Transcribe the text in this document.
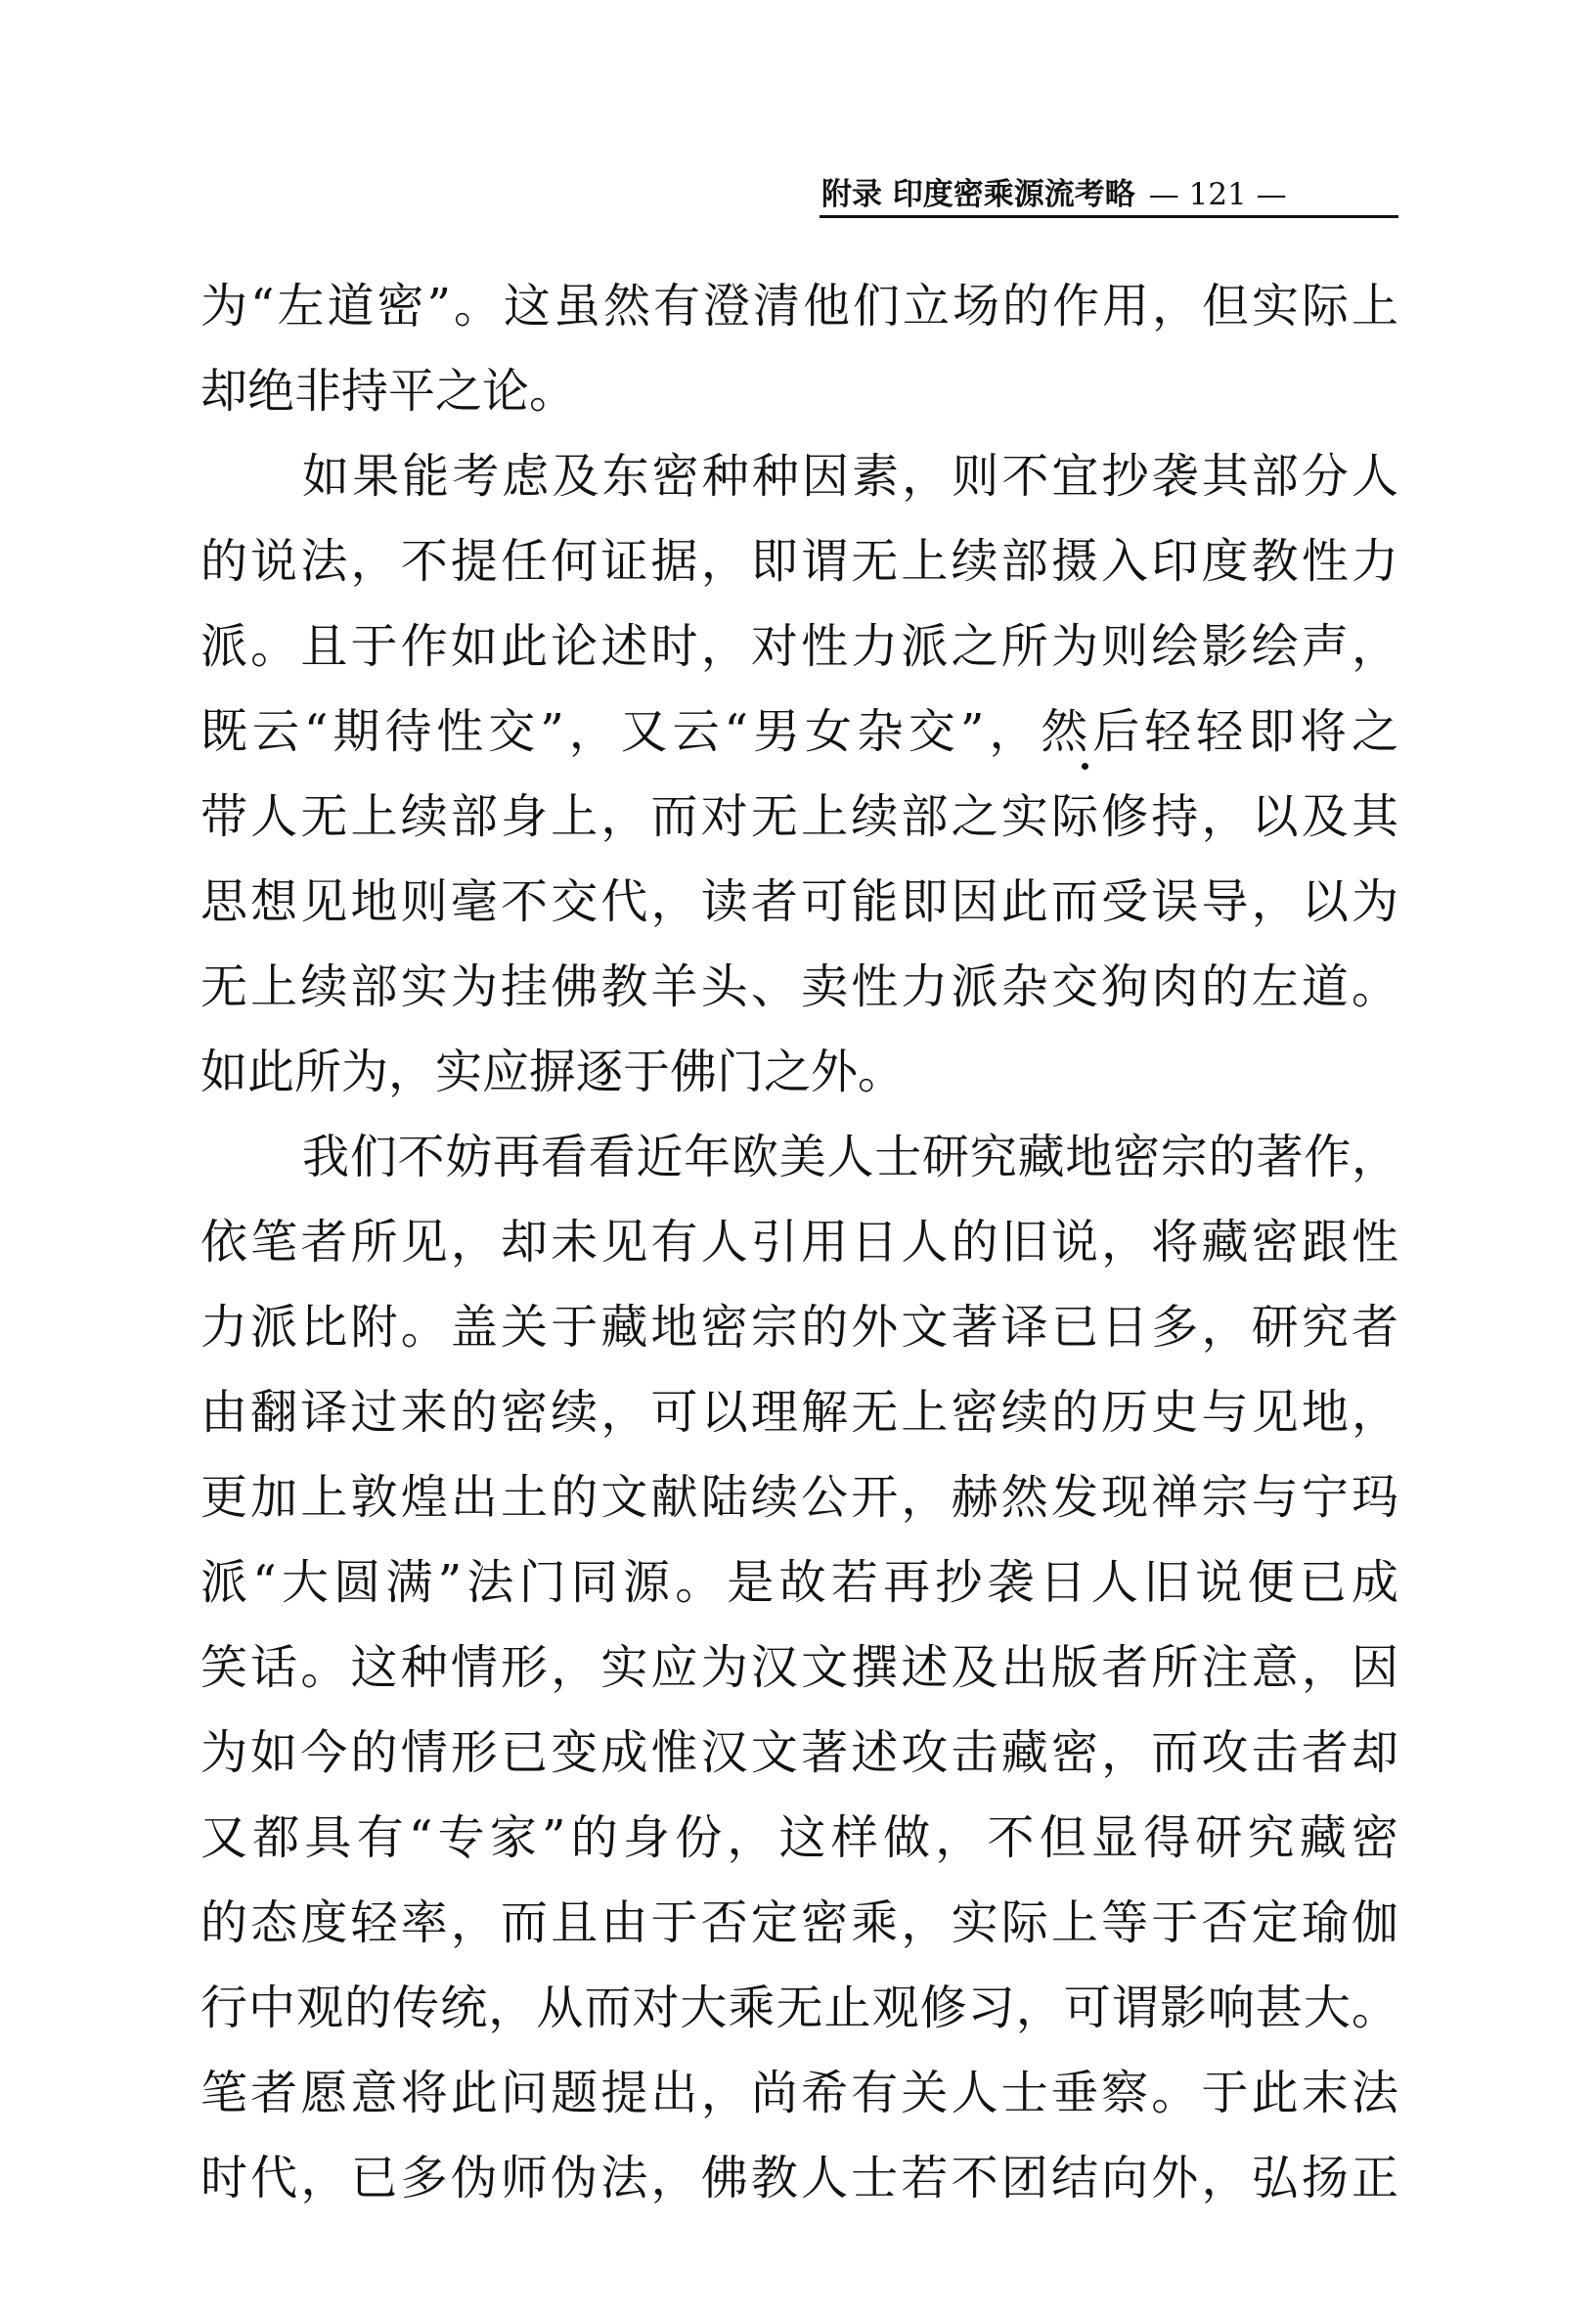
附录 印度密乘源流考略 — 121 —
为“左道密”。这虽然有澄清他们立场的作用，但实际上
却绝非持平之论。
如果能考虑及东密种种因素，则不宜抄袭其部分人
的说法，不提任何证据，即谓无上续部摄入印度教性力
派。且于作如此论述时，对性力派之所为则绘影绘声，
既云“期待性交”，又云“男女杂交”，然后轻轻即将之
带人无上续部身上，而对无上续部之实际修持，以及其
思想见地则毫不交代，读者可能即因此而受误导，以为
无上续部实为挂佛教羊头、卖性力派杂交狗肉的左道。
如此所为，实应摒逐于佛门之外。
我们不妨再看看近年欧美人士研究藏地密宗的著作，
依笔者所见，却未见有人引用日人的旧说，将藏密跟性
力派比附。盖关于藏地密宗的外文著译已日多，研究者
由翻译过来的密续，可以理解无上密续的历史与见地，
更加上敦煌出土的文献陆续公开，赫然发现禅宗与宁玛
派“大圆满”法门同源。是故若再抄袭日人旧说便已成
笑话。这种情形，实应为汉文撰述及出版者所注意，因
为如今的情形已变成惟汉文著述攻击藏密，而攻击者却
又都具有“专家”的身份，这样做，不但显得研究藏密
的态度轻率，而且由于否定密乘，实际上等于否定瑜伽
行中观的传统，从而对大乘无止观修习，可谓影响甚大。
笔者愿意将此问题提出，尚希有关人士垂察。于此末法
时代，已多伪师伪法，佛教人士若不团结向外，弘扬正
